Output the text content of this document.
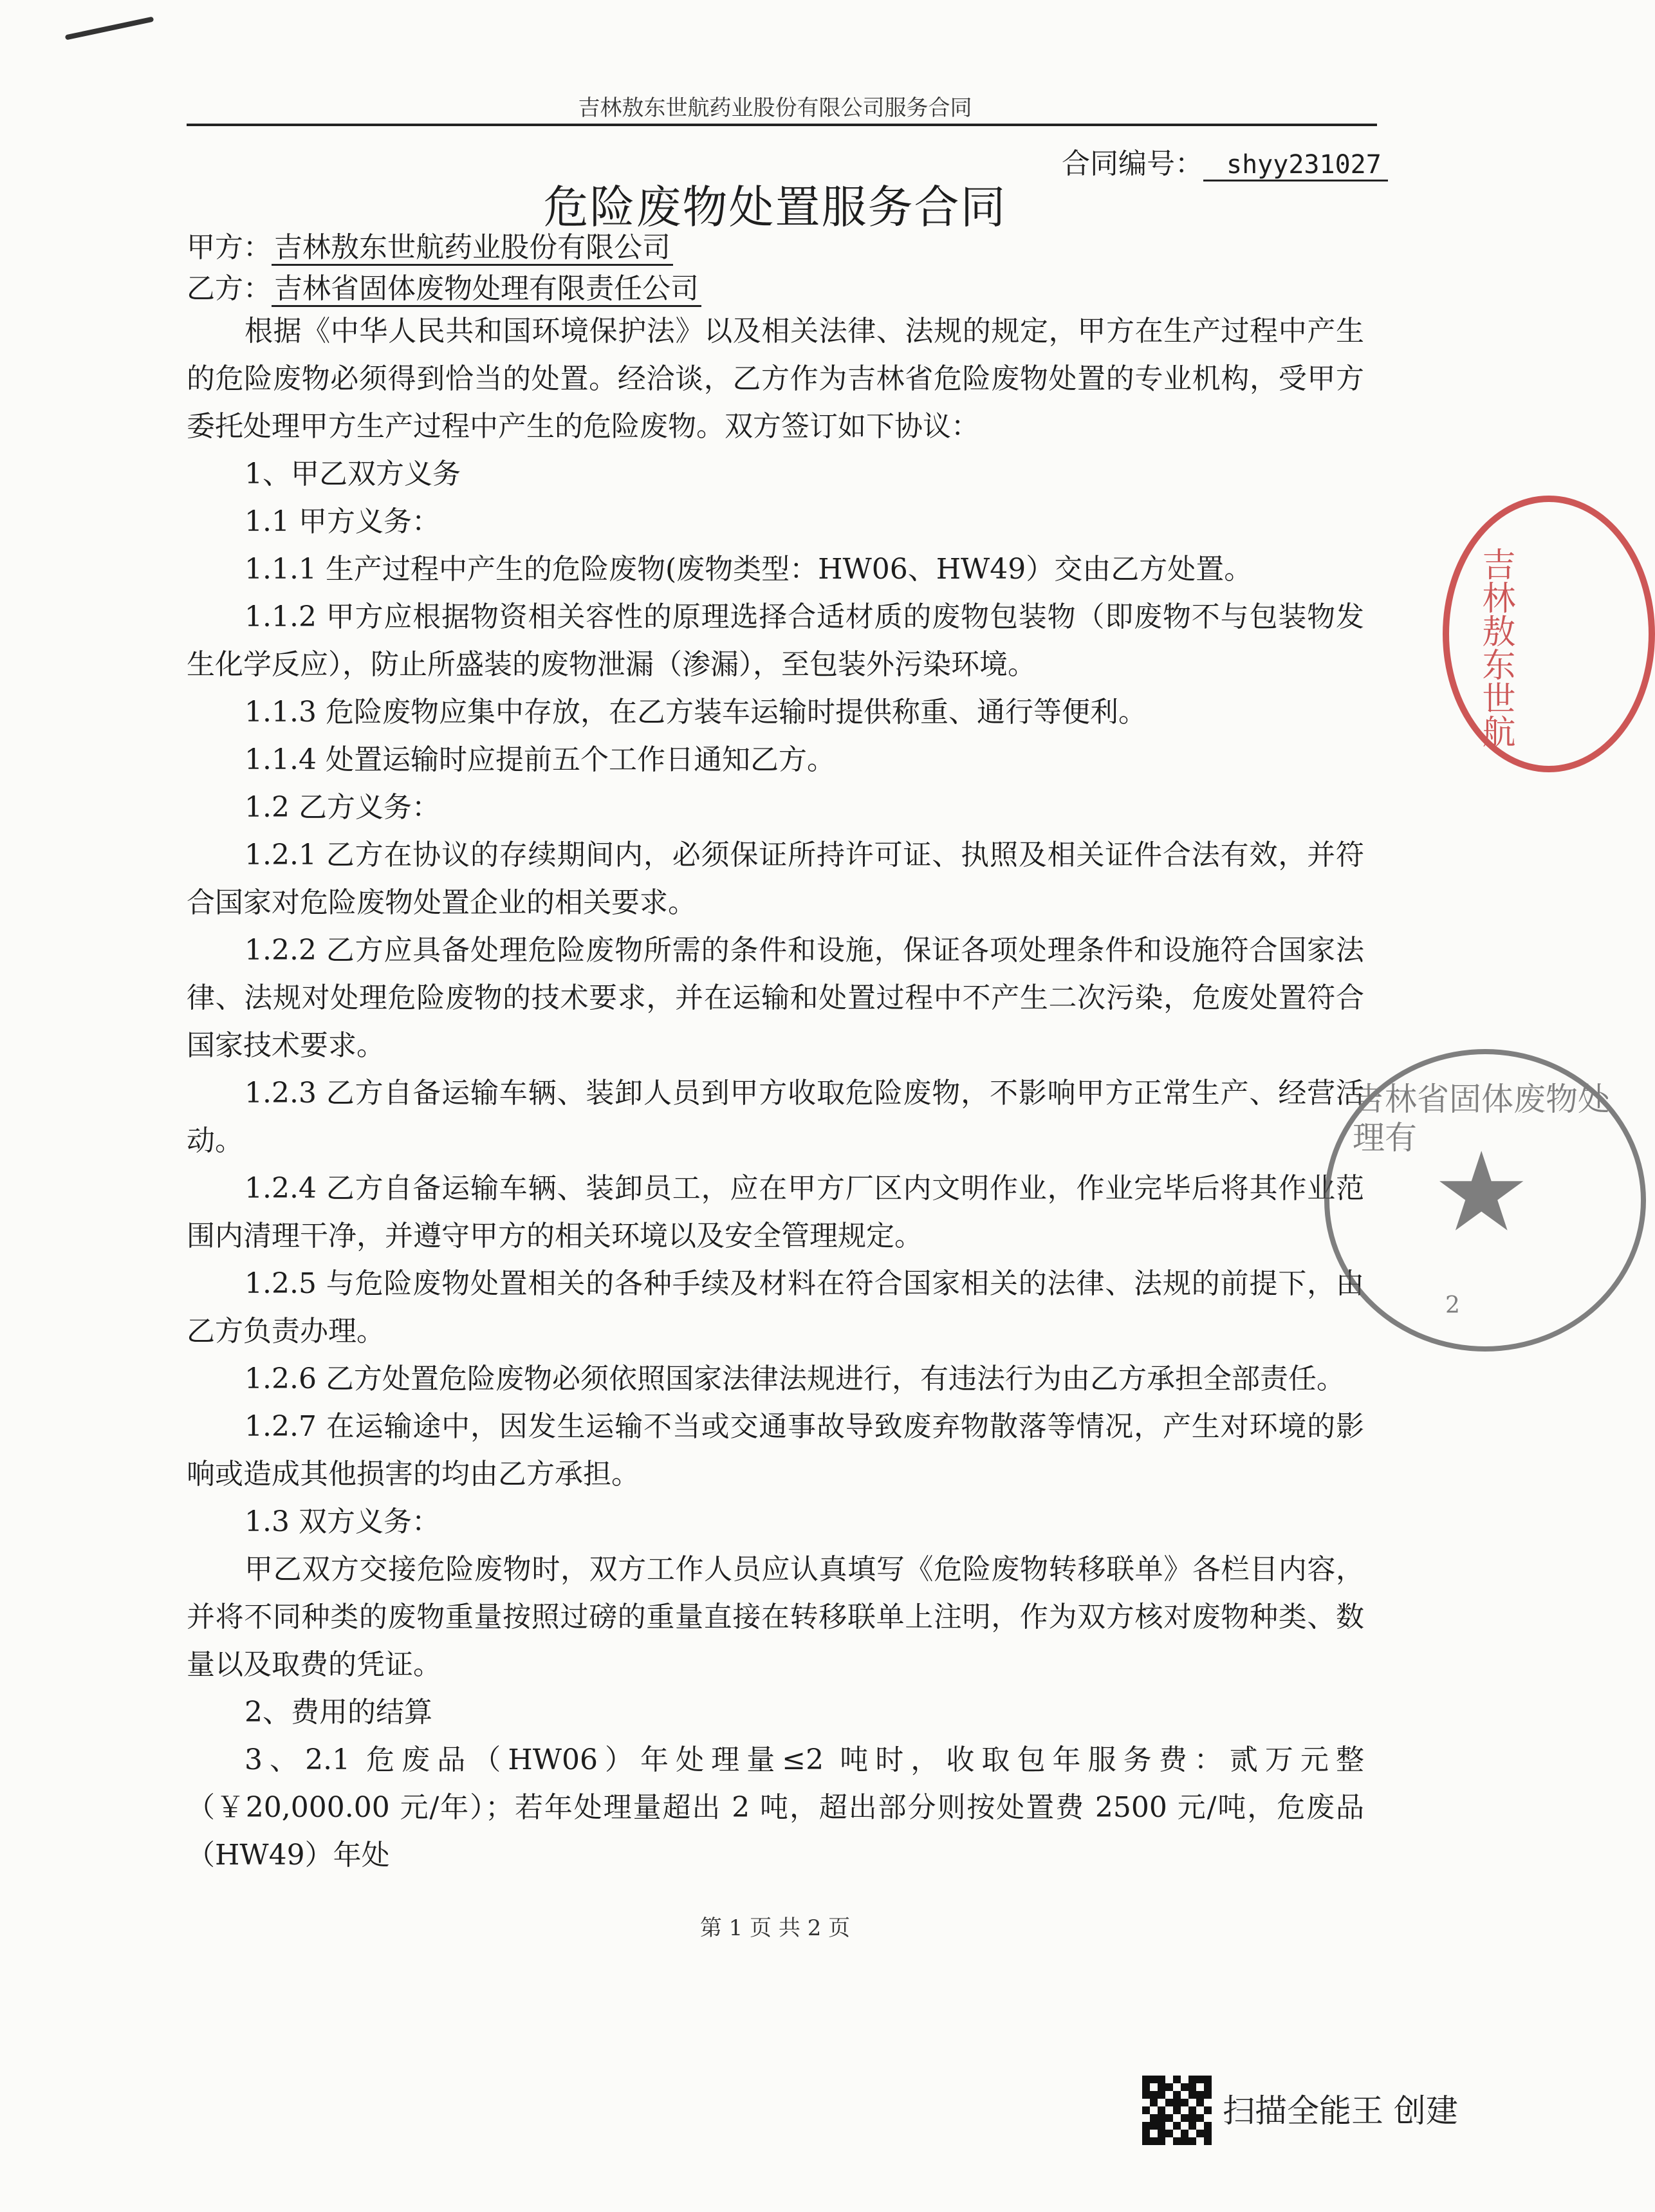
吉林敖东世航药业股份有限公司服务合同
合同编号： shyy231027
危险废物处置服务合同
甲方：吉林敖东世航药业股份有限公司
乙方：吉林省固体废物处理有限责任公司

根据《中华人民共和国环境保护法》以及相关法律、法规的规定，甲方在生产过程中产生的危险废物必须得到恰当的处置。经洽谈，乙方作为吉林省危险废物处置的专业机构，受甲方委托处理甲方生产过程中产生的危险废物。双方签订如下协议：

1、甲乙双方义务

1.1 甲方义务：

1.1.1 生产过程中产生的危险废物(废物类型：HW06、HW49）交由乙方处置。

1.1.2 甲方应根据物资相关容性的原理选择合适材质的废物包装物（即废物不与包装物发生化学反应），防止所盛装的废物泄漏（渗漏），至包装外污染环境。

1.1.3 危险废物应集中存放，在乙方装车运输时提供称重、通行等便利。

1.1.4 处置运输时应提前五个工作日通知乙方。

1.2 乙方义务：

1.2.1 乙方在协议的存续期间内，必须保证所持许可证、执照及相关证件合法有效，并符合国家对危险废物处置企业的相关要求。

1.2.2 乙方应具备处理危险废物所需的条件和设施，保证各项处理条件和设施符合国家法律、法规对处理危险废物的技术要求，并在运输和处置过程中不产生二次污染，危废处置符合国家技术要求。

1.2.3 乙方自备运输车辆、装卸人员到甲方收取危险废物，不影响甲方正常生产、经营活动。

1.2.4 乙方自备运输车辆、装卸员工，应在甲方厂区内文明作业，作业完毕后将其作业范围内清理干净，并遵守甲方的相关环境以及安全管理规定。

1.2.5 与危险废物处置相关的各种手续及材料在符合国家相关的法律、法规的前提下，由乙方负责办理。

1.2.6 乙方处置危险废物必须依照国家法律法规进行，有违法行为由乙方承担全部责任。

1.2.7 在运输途中，因发生运输不当或交通事故导致废弃物散落等情况，产生对环境的影响或造成其他损害的均由乙方承担。

1.3 双方义务：

甲乙双方交接危险废物时，双方工作人员应认真填写《危险废物转移联单》各栏目内容，并将不同种类的废物重量按照过磅的重量直接在转移联单上注明，作为双方核对废物种类、数量以及取费的凭证。

2、费用的结算

3、2.1 危废品（HW06）年处理量≤2 吨时，收取包年服务费：贰万元整（￥20,000.00 元/年）；若年处理量超出 2 吨，超出部分则按处置费 2500 元/吨，危废品（HW49）年处

第 1 页 共 2 页
吉林敖东世航
吉林省固体废物处理有 ★
2
扫描全能王 创建
